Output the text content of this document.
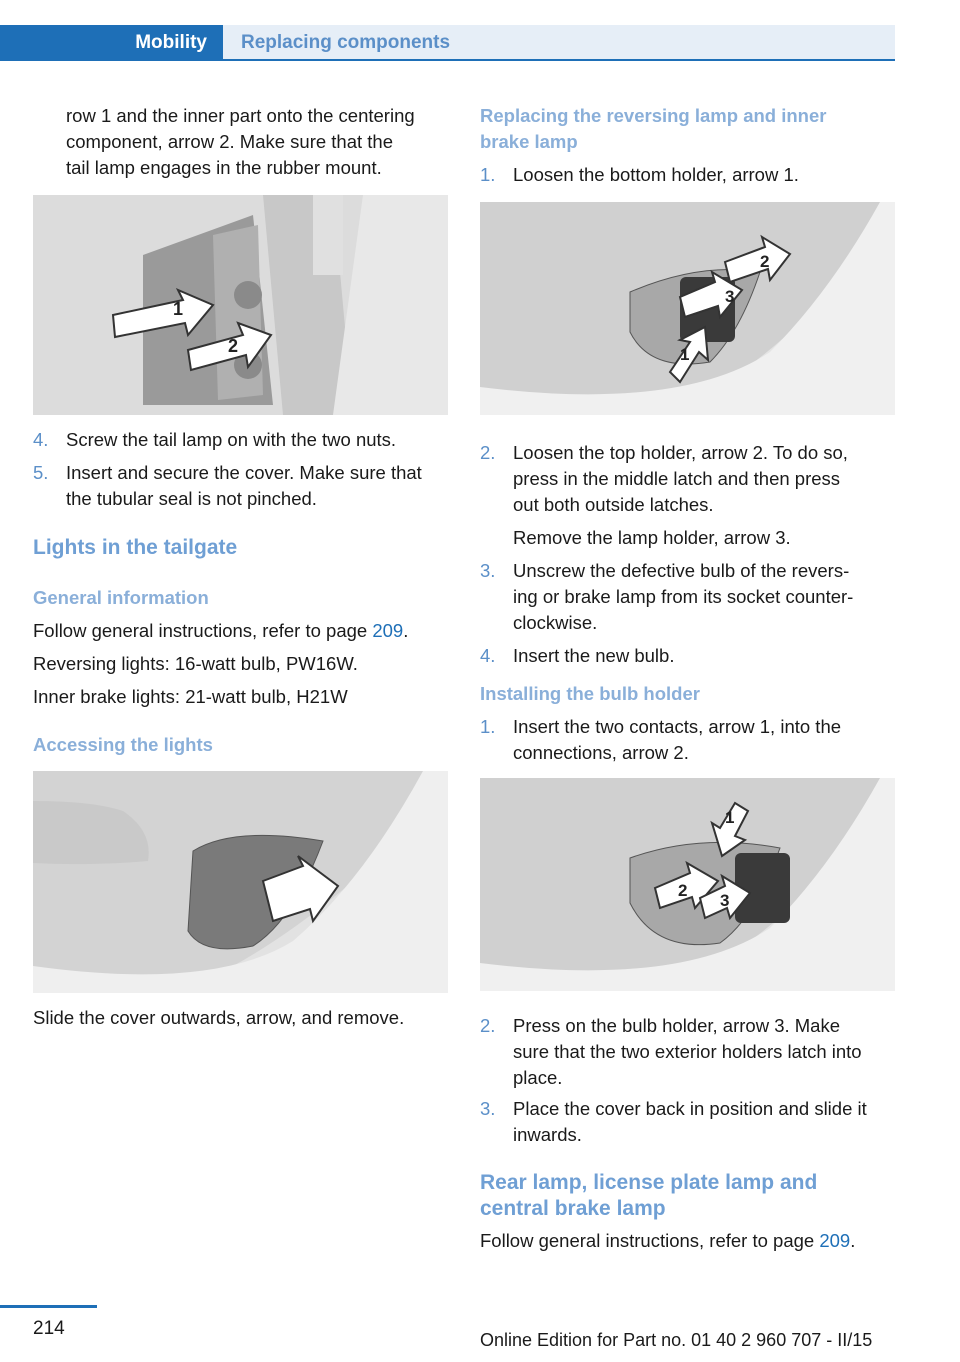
Mobility Replacing components
row 1 and the inner part onto the centering
component, arrow 2. Make sure that the
tail lamp engages in the rubber mount.
1
2
4. Screw the tail lamp on with the two nuts.
5. Insert and secure the cover. Make sure that
the tubular seal is not pinched.
Lights in the tailgate
General information
Follow general instructions, refer to page 209.
Reversing lights: 16-watt bulb, PW16W.
Inner brake lights: 21-watt bulb, H21W
Accessing the lights
Slide the cover outwards, arrow, and remove.
Replacing the reversing lamp and inner
brake lamp
1. Loosen the bottom holder, arrow 1.
1
2
3
2. Loosen the top holder, arrow 2. To do so,
press in the middle latch and then press
out both outside latches.
Remove the lamp holder, arrow 3.
3. Unscrew the defective bulb of the revers‐
ing or brake lamp from its socket counter‐
clockwise.
4. Insert the new bulb.
Installing the bulb holder
1. Insert the two contacts, arrow 1, into the
connections, arrow 2.
1
2
3
2. Press on the bulb holder, arrow 3. Make
sure that the two exterior holders latch into
place.
3. Place the cover back in position and slide it
inwards.
Rear lamp, license plate lamp and
central brake lamp
Follow general instructions, refer to page 209.
214
Online Edition for Part no. 01 40 2 960 707 - II/15
